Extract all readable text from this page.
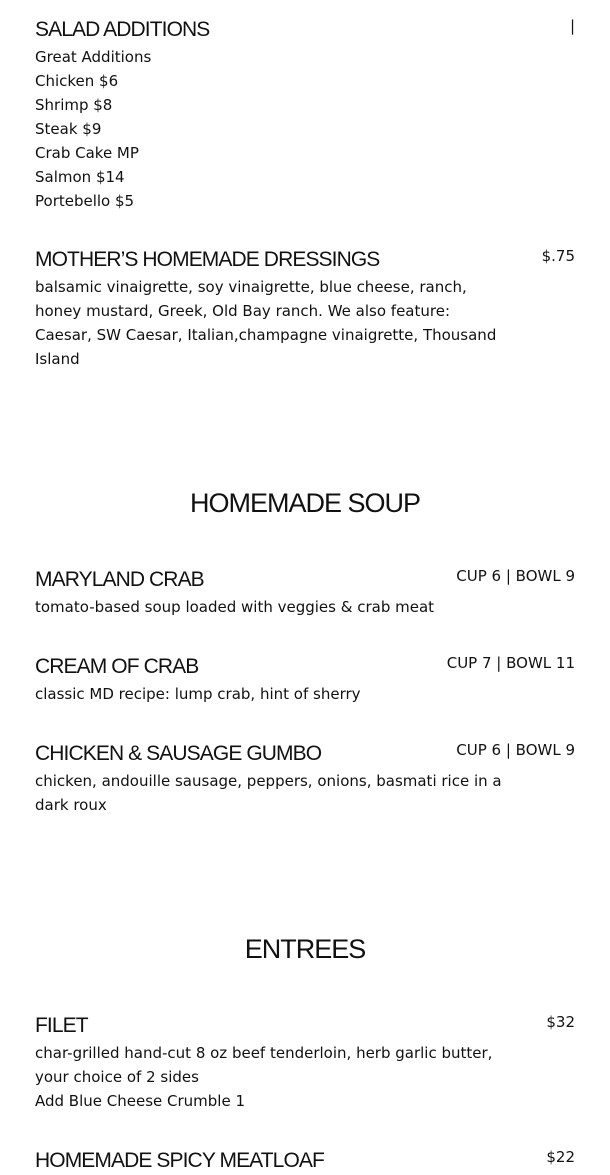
SALAD ADDITIONS	|
Great Additions
Chicken $6
Shrimp $8
Steak $9
Crab Cake MP
Salmon $14
Portebello $5
MOTHER’S HOMEMADE DRESSINGS	$.75
balsamic vinaigrette, soy vinaigrette, blue cheese, ranch,
honey mustard, Greek, Old Bay ranch. We also feature:
Caesar, SW Caesar, Italian,champagne vinaigrette, Thousand
Island
HOMEMADE SOUP
MARYLAND CRAB	CUP 6 | BOWL 9
tomato-based soup loaded with veggies & crab meat
CREAM OF CRAB	CUP 7 | BOWL 11
classic MD recipe: lump crab, hint of sherry
CHICKEN & SAUSAGE GUMBO	CUP 6 | BOWL 9
chicken, andouille sausage, peppers, onions, basmati rice in a
dark roux
ENTREES
FILET	$32
char-grilled hand-cut 8 oz beef tenderloin, herb garlic butter,
your choice of 2 sides
Add Blue Cheese Crumble 1
HOMEMADE SPICY MEATLOAF	$22
